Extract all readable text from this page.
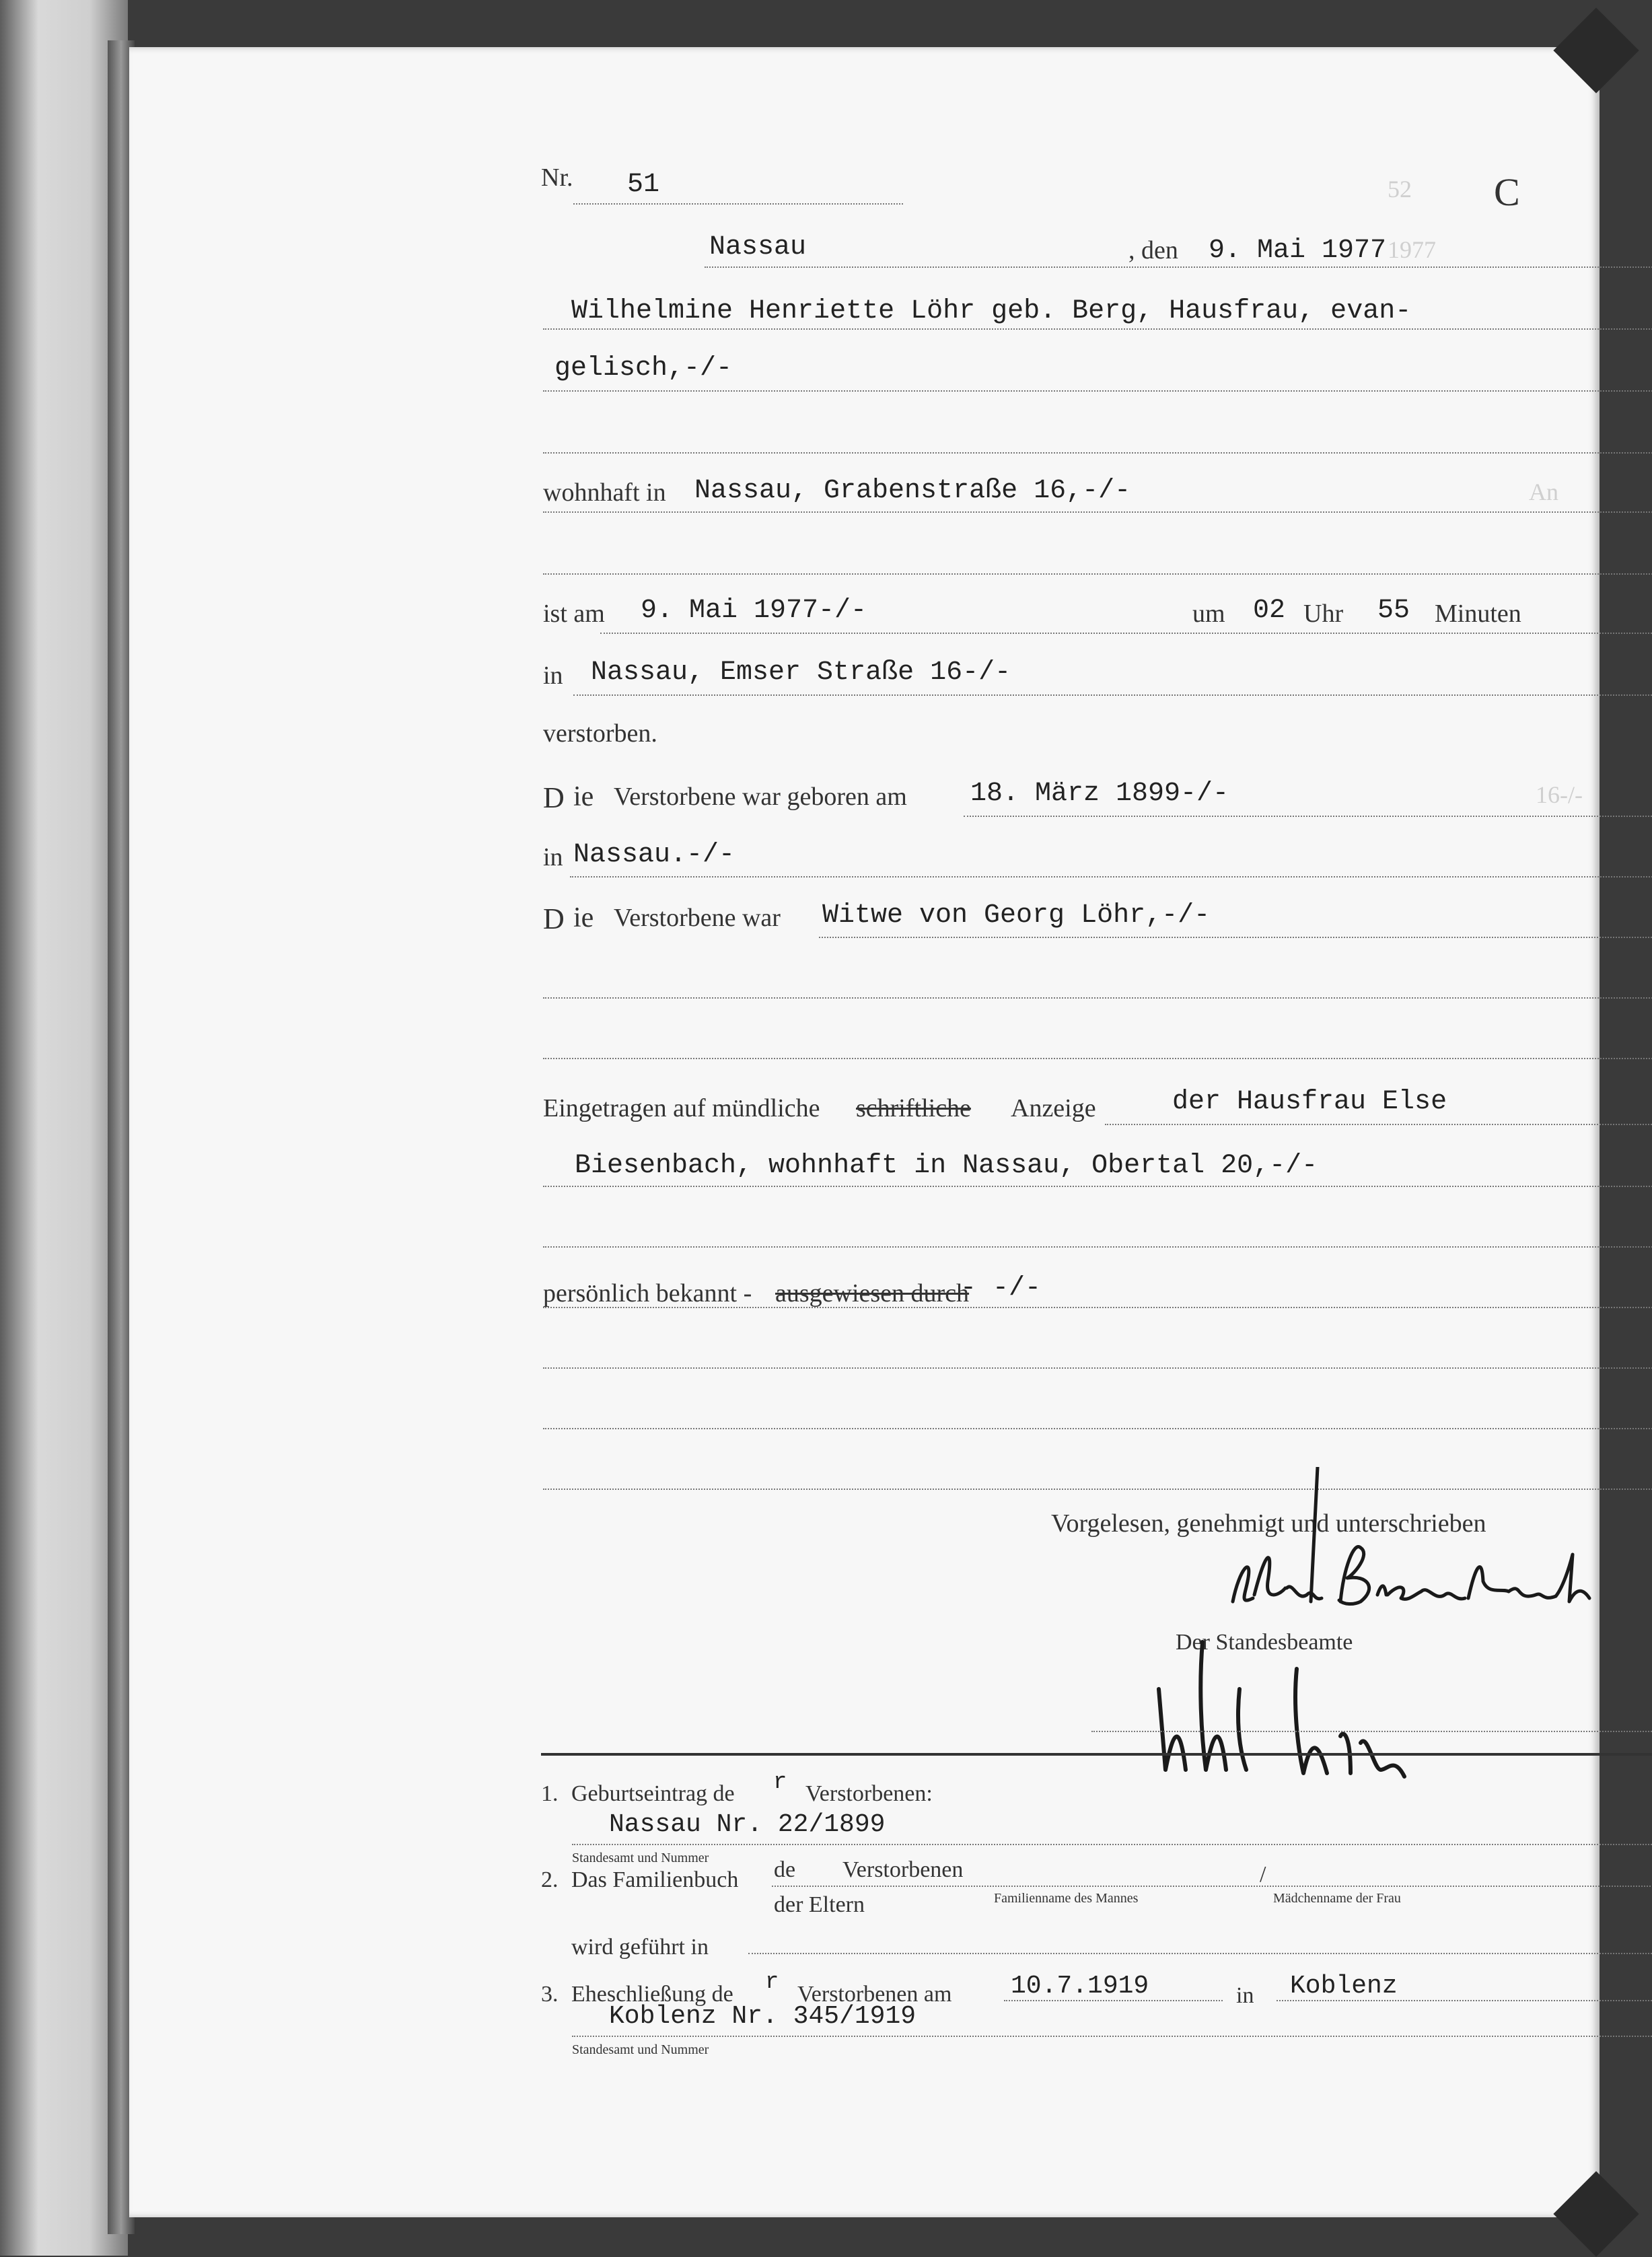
52
1977
An
16-/-
Nr. 51	C
Nassau	, den 9. Mai 1977
Wilhelmine Henriette Löhr geb. Berg, Hausfrau, evan-
gelisch,-/-
wohnhaft in Nassau, Grabenstraße 16,-/-
ist am 9. Mai 1977-/-	um 02 Uhr 55 Minuten
in Nassau, Emser Straße 16-/-
verstorben.
D ie Verstorbene war geboren am 18. März 1899-/-
in Nassau.-/-
D ie Verstorbene war Witwe von Georg Löhr,-/-
Eingetragen auf mündliche schriftliche Anzeige	der Hausfrau Else
Biesenbach, wohnhaft in Nassau, Obertal 20,-/-
persönlich bekannt - ausgewiesen durch
- -/-
Vorgelesen, genehmigt und unterschrieben
Der Standesbeamte
1. Geburtseintrag de r Verstorbenen:
Nassau Nr. 22/1899
Standesamt und Nummer
2. Das Familienbuch de Verstorbenen	/
Familienname des Mannes	Mädchenname der Frau
der Eltern
wird geführt in
3. Eheschließung de r Verstorbenen am 10.7.1919	in Koblenz
Koblenz Nr. 345/1919
Standesamt und Nummer
